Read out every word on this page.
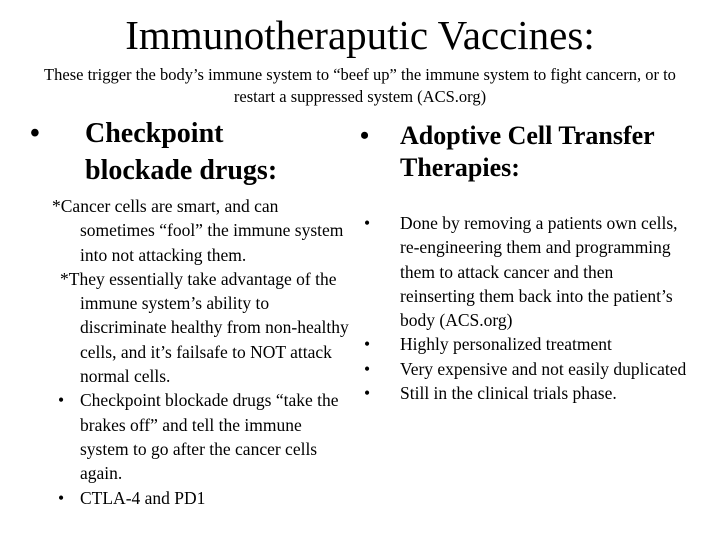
Immunotheraputic Vaccines:
These trigger the body’s immune system to “beef up” the immune system to fight cancern, or to restart a suppressed system (ACS.org)
• Checkpoint blockade drugs:
• Adoptive Cell Transfer Therapies:

*Cancer cells are smart, and can sometimes “fool” the immune system into not attacking them.

*They essentially take advantage of the immune system’s ability to discriminate healthy from non-healthy cells, and it’s failsafe to NOT attack normal cells.

• Checkpoint blockade drugs “take the brakes off” and tell the immune system to go after the cancer cells again.

• CTLA-4 and PD1

• Done by removing a patients own cells, re-engineering them and programming them to attack cancer and then reinserting them back into the patient’s body (ACS.org)

• Highly personalized treatment

• Very expensive and not easily duplicated

• Still in the clinical trials phase.
